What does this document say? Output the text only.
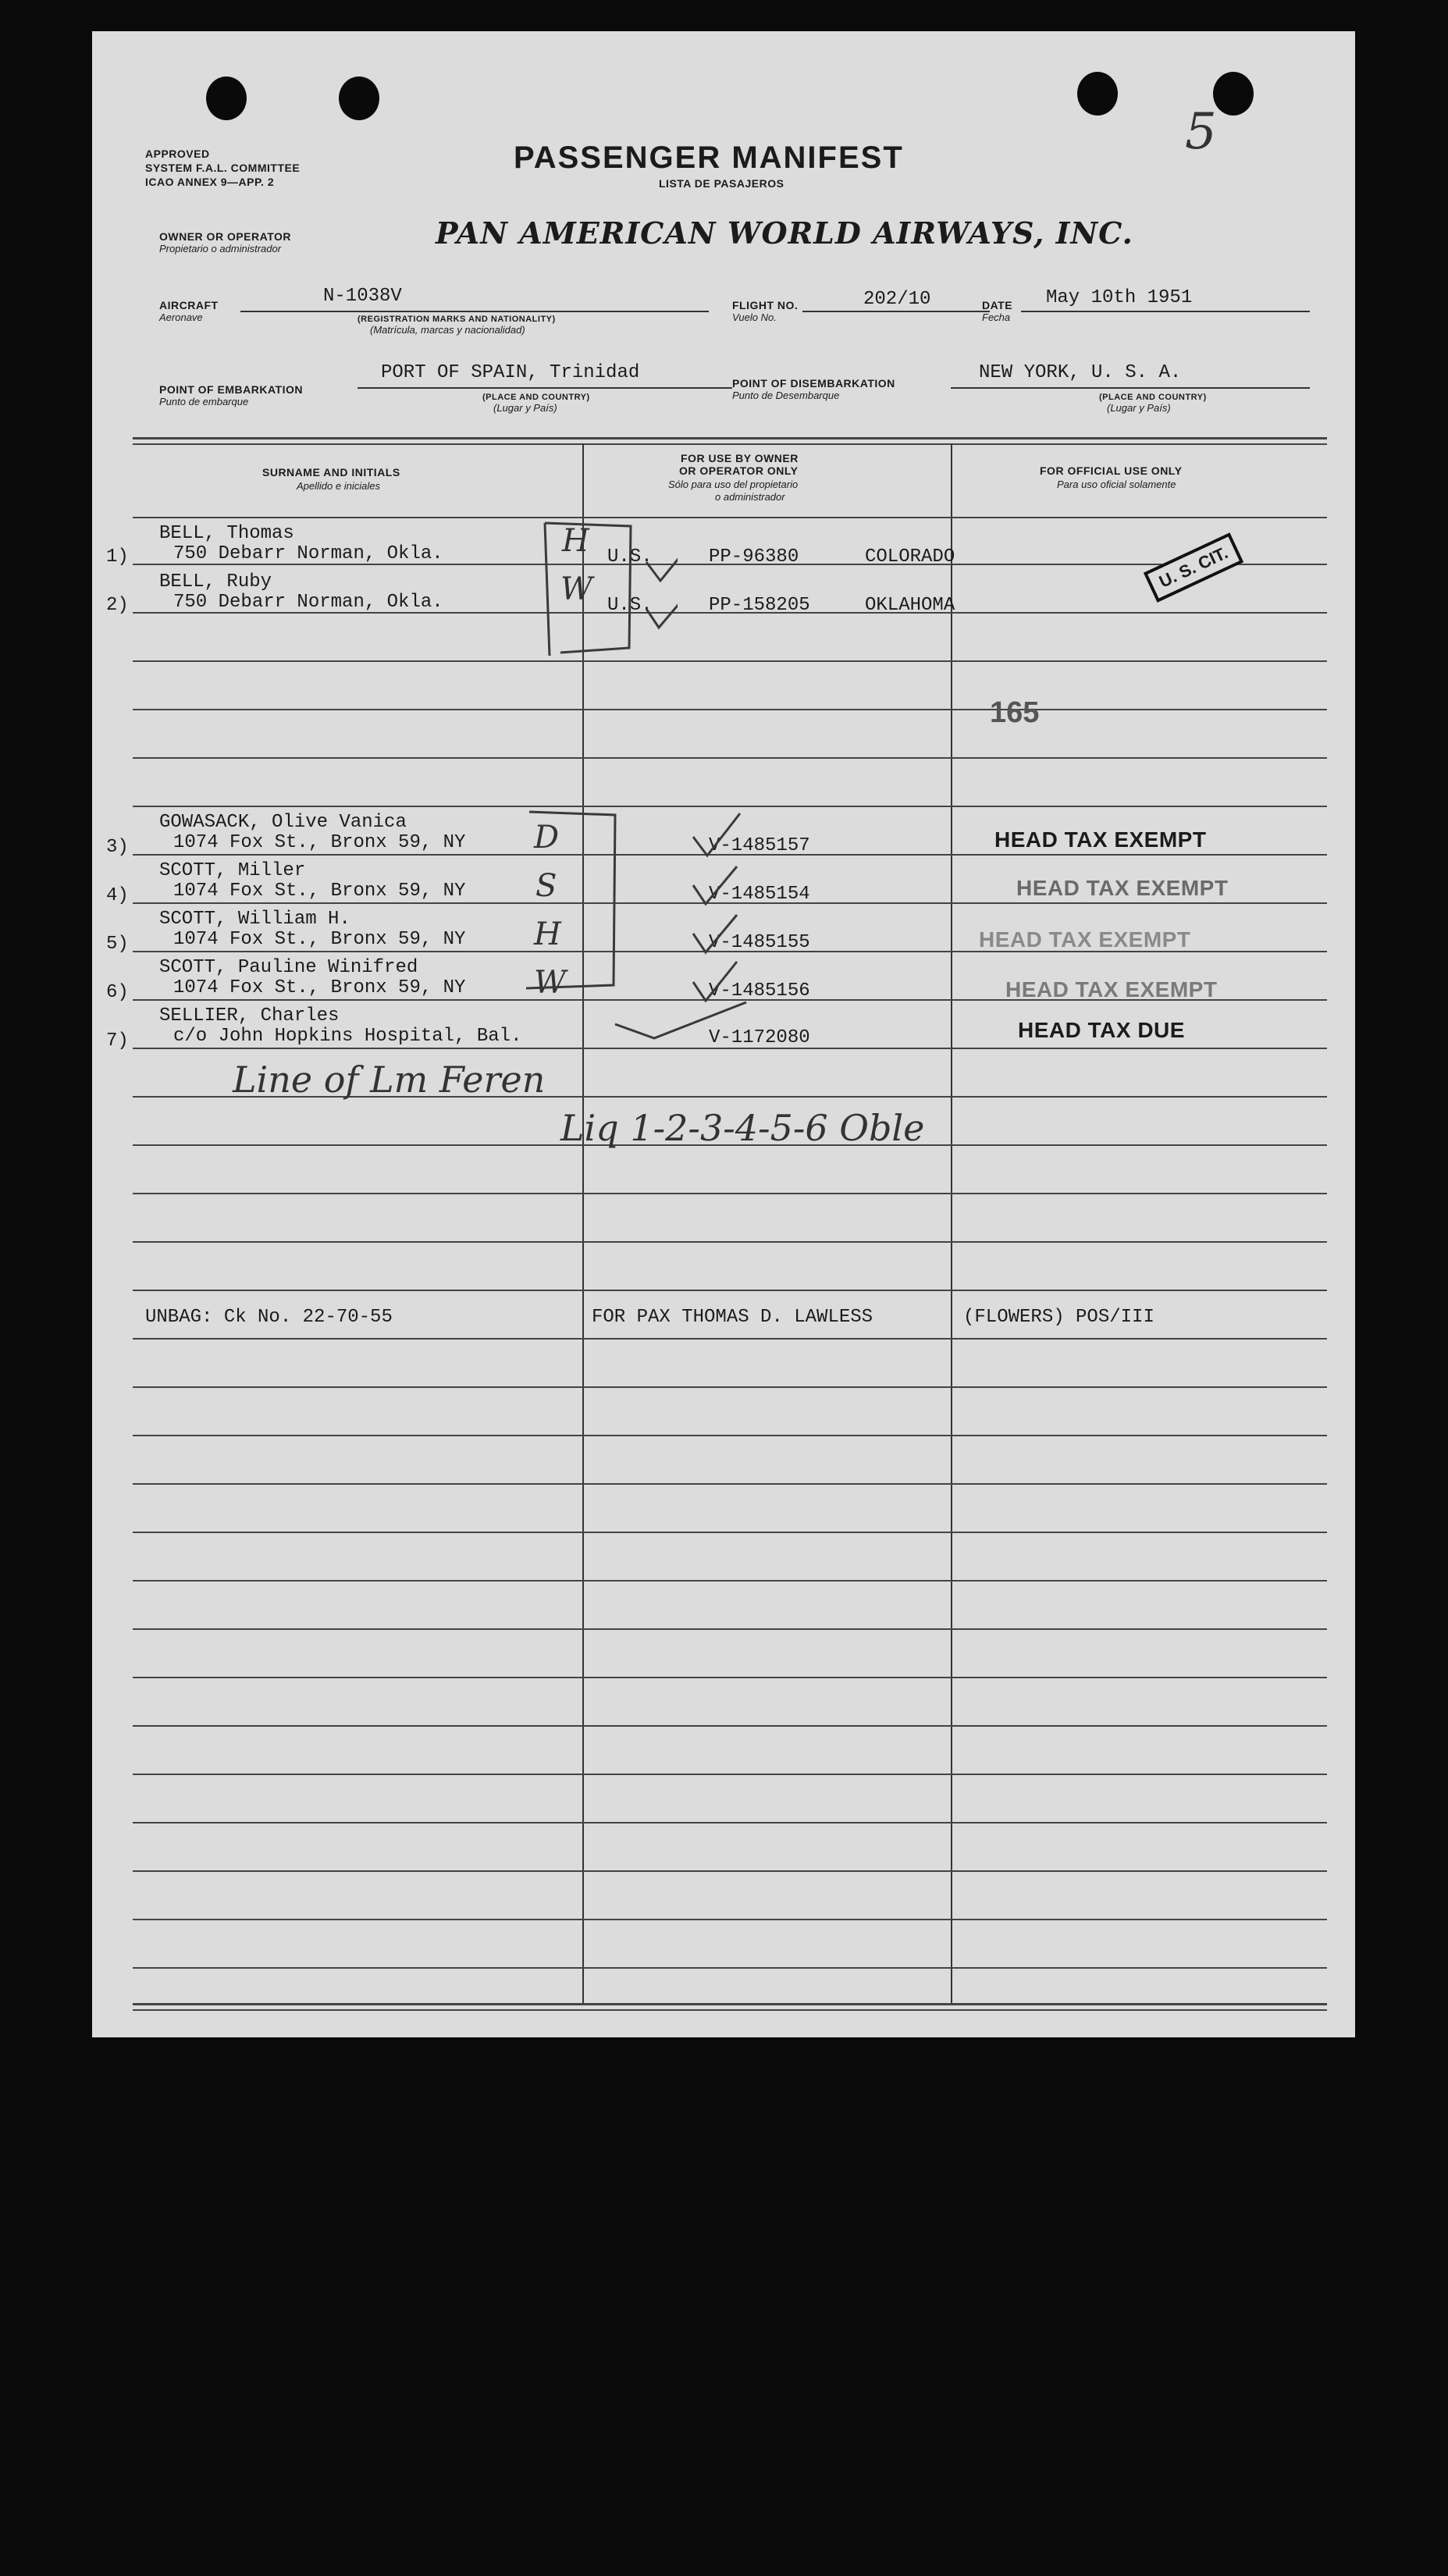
APPROVED
SYSTEM F.A.L. COMMITTEE
ICAO ANNEX 9—APP. 2
PASSENGER MANIFEST
LISTA DE PASAJEROS
5
OWNER OR OPERATOR
Propietario o administrador	PAN AMERICAN WORLD AIRWAYS, INC.
AIRCRAFT
Aeronave
N-1038V
(REGISTRATION MARKS AND NATIONALITY)
(Matrícula, marcas y nacionalidad)
FLIGHT NO.
Vuelo No.
202/10	DATE
Fecha
May 10th 1951
POINT OF EMBARKATION
Punto de embarque
PORT OF SPAIN, Trinidad
(PLACE AND COUNTRY)
(Lugar y País)
POINT OF DISEMBARKATION
Punto de Desembarque
NEW YORK, U. S. A.
(PLACE AND COUNTRY)
(Lugar y País)
SURNAME AND INITIALS
Apellido e iniciales
FOR USE BY OWNER
OR OPERATOR ONLY
Sólo para uso del propietario
o administrador
FOR OFFICIAL USE ONLY
Para uso oficial solamente
1)
BELL, Thomas
750 Debarr Norman, Okla.	H U.S.	PP-96380	COLORADO
2)
BELL, Ruby
750 Debarr Norman, Okla.	W U.S.	PP-158205	OKLAHOMA
U. S. CIT.
165
3)
GOWASACK, Olive Vanica
1074 Fox St., Bronx 59, NY D	V-1485157	HEAD TAX EXEMPT
4)
SCOTT, Miller
1074 Fox St., Bronx 59, NY S	V-1485154	HEAD TAX EXEMPT
5)
SCOTT, William H.
1074 Fox St., Bronx 59, NY H	V-1485155	HEAD TAX EXEMPT
6)
SCOTT, Pauline Winifred
1074 Fox St., Bronx 59, NY W	V-1485156	HEAD TAX EXEMPT
7)
SELLIER, Charles
c/o John Hopkins Hospital, Bal.	V-1172080	HEAD TAX DUE
Line of Lm Feren
Liq 1-2-3-4-5-6 Oble
UNBAG: Ck No. 22-70-55	FOR PAX THOMAS D. LAWLESS	(FLOWERS) POS/III
